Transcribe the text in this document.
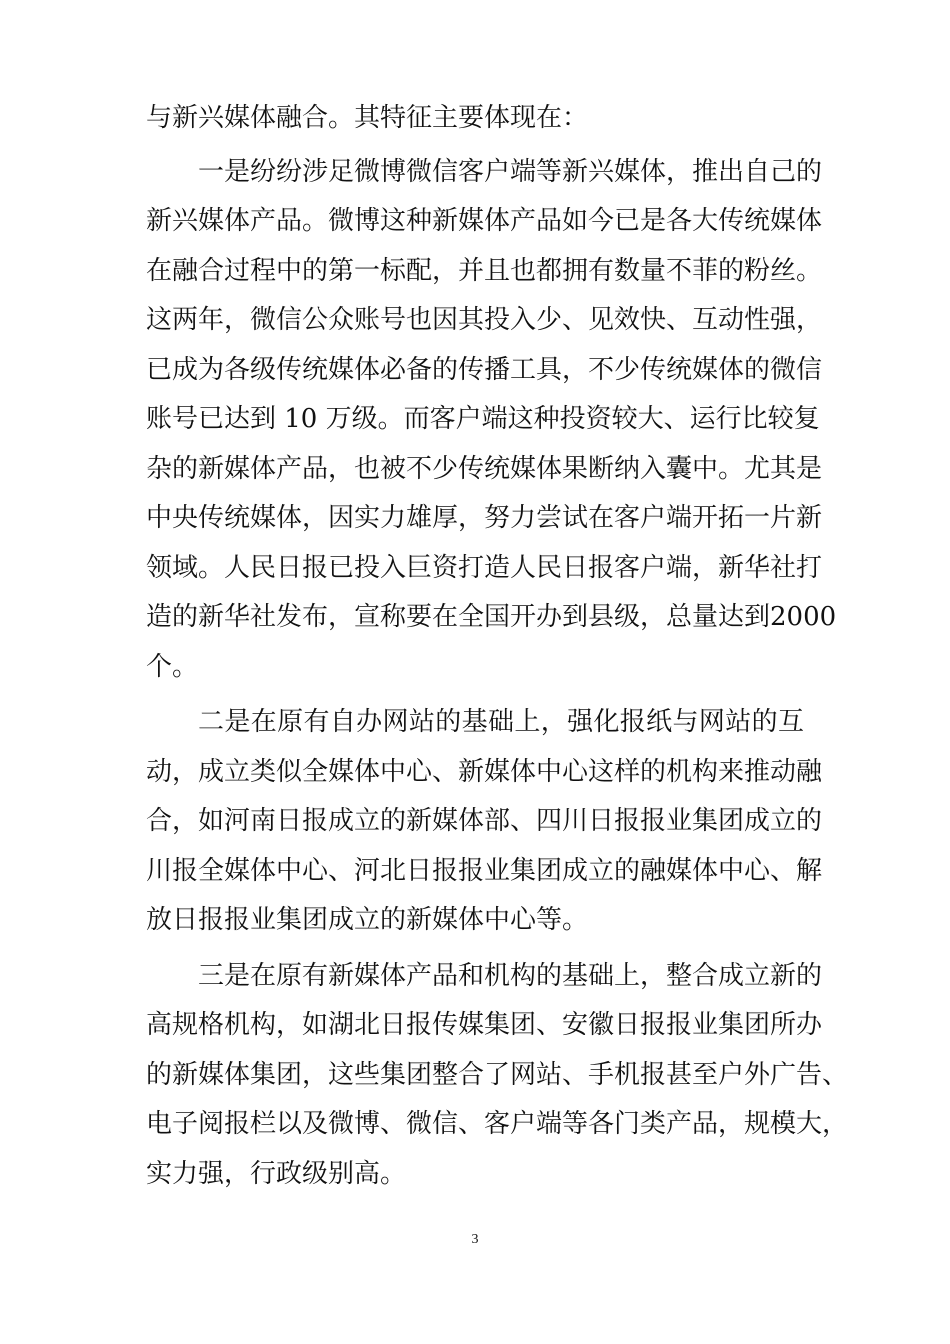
与新兴媒体融合。其特征主要体现在：
一是纷纷涉足微博微信客户端等新兴媒体，推出自己的
新兴媒体产品。微博这种新媒体产品如今已是各大传统媒体
在融合过程中的第一标配，并且也都拥有数量不菲的粉丝。
这两年，微信公众账号也因其投入少、见效快、互动性强，
已成为各级传统媒体必备的传播工具，不少传统媒体的微信
账号已达到 10 万级。而客户端这种投资较大、运行比较复
杂的新媒体产品，也被不少传统媒体果断纳入囊中。尤其是
中央传统媒体，因实力雄厚，努力尝试在客户端开拓一片新
领域。人民日报已投入巨资打造人民日报客户端，新华社打
造的新华社发布，宣称要在全国开办到县级，总量达到2000
个。
二是在原有自办网站的基础上，强化报纸与网站的互
动，成立类似全媒体中心、新媒体中心这样的机构来推动融
合，如河南日报成立的新媒体部、四川日报报业集团成立的
川报全媒体中心、河北日报报业集团成立的融媒体中心、解
放日报报业集团成立的新媒体中心等。
三是在原有新媒体产品和机构的基础上，整合成立新的
高规格机构，如湖北日报传媒集团、安徽日报报业集团所办
的新媒体集团，这些集团整合了网站、手机报甚至户外广告、
电子阅报栏以及微博、微信、客户端等各门类产品，规模大，
实力强，行政级别高。
3
